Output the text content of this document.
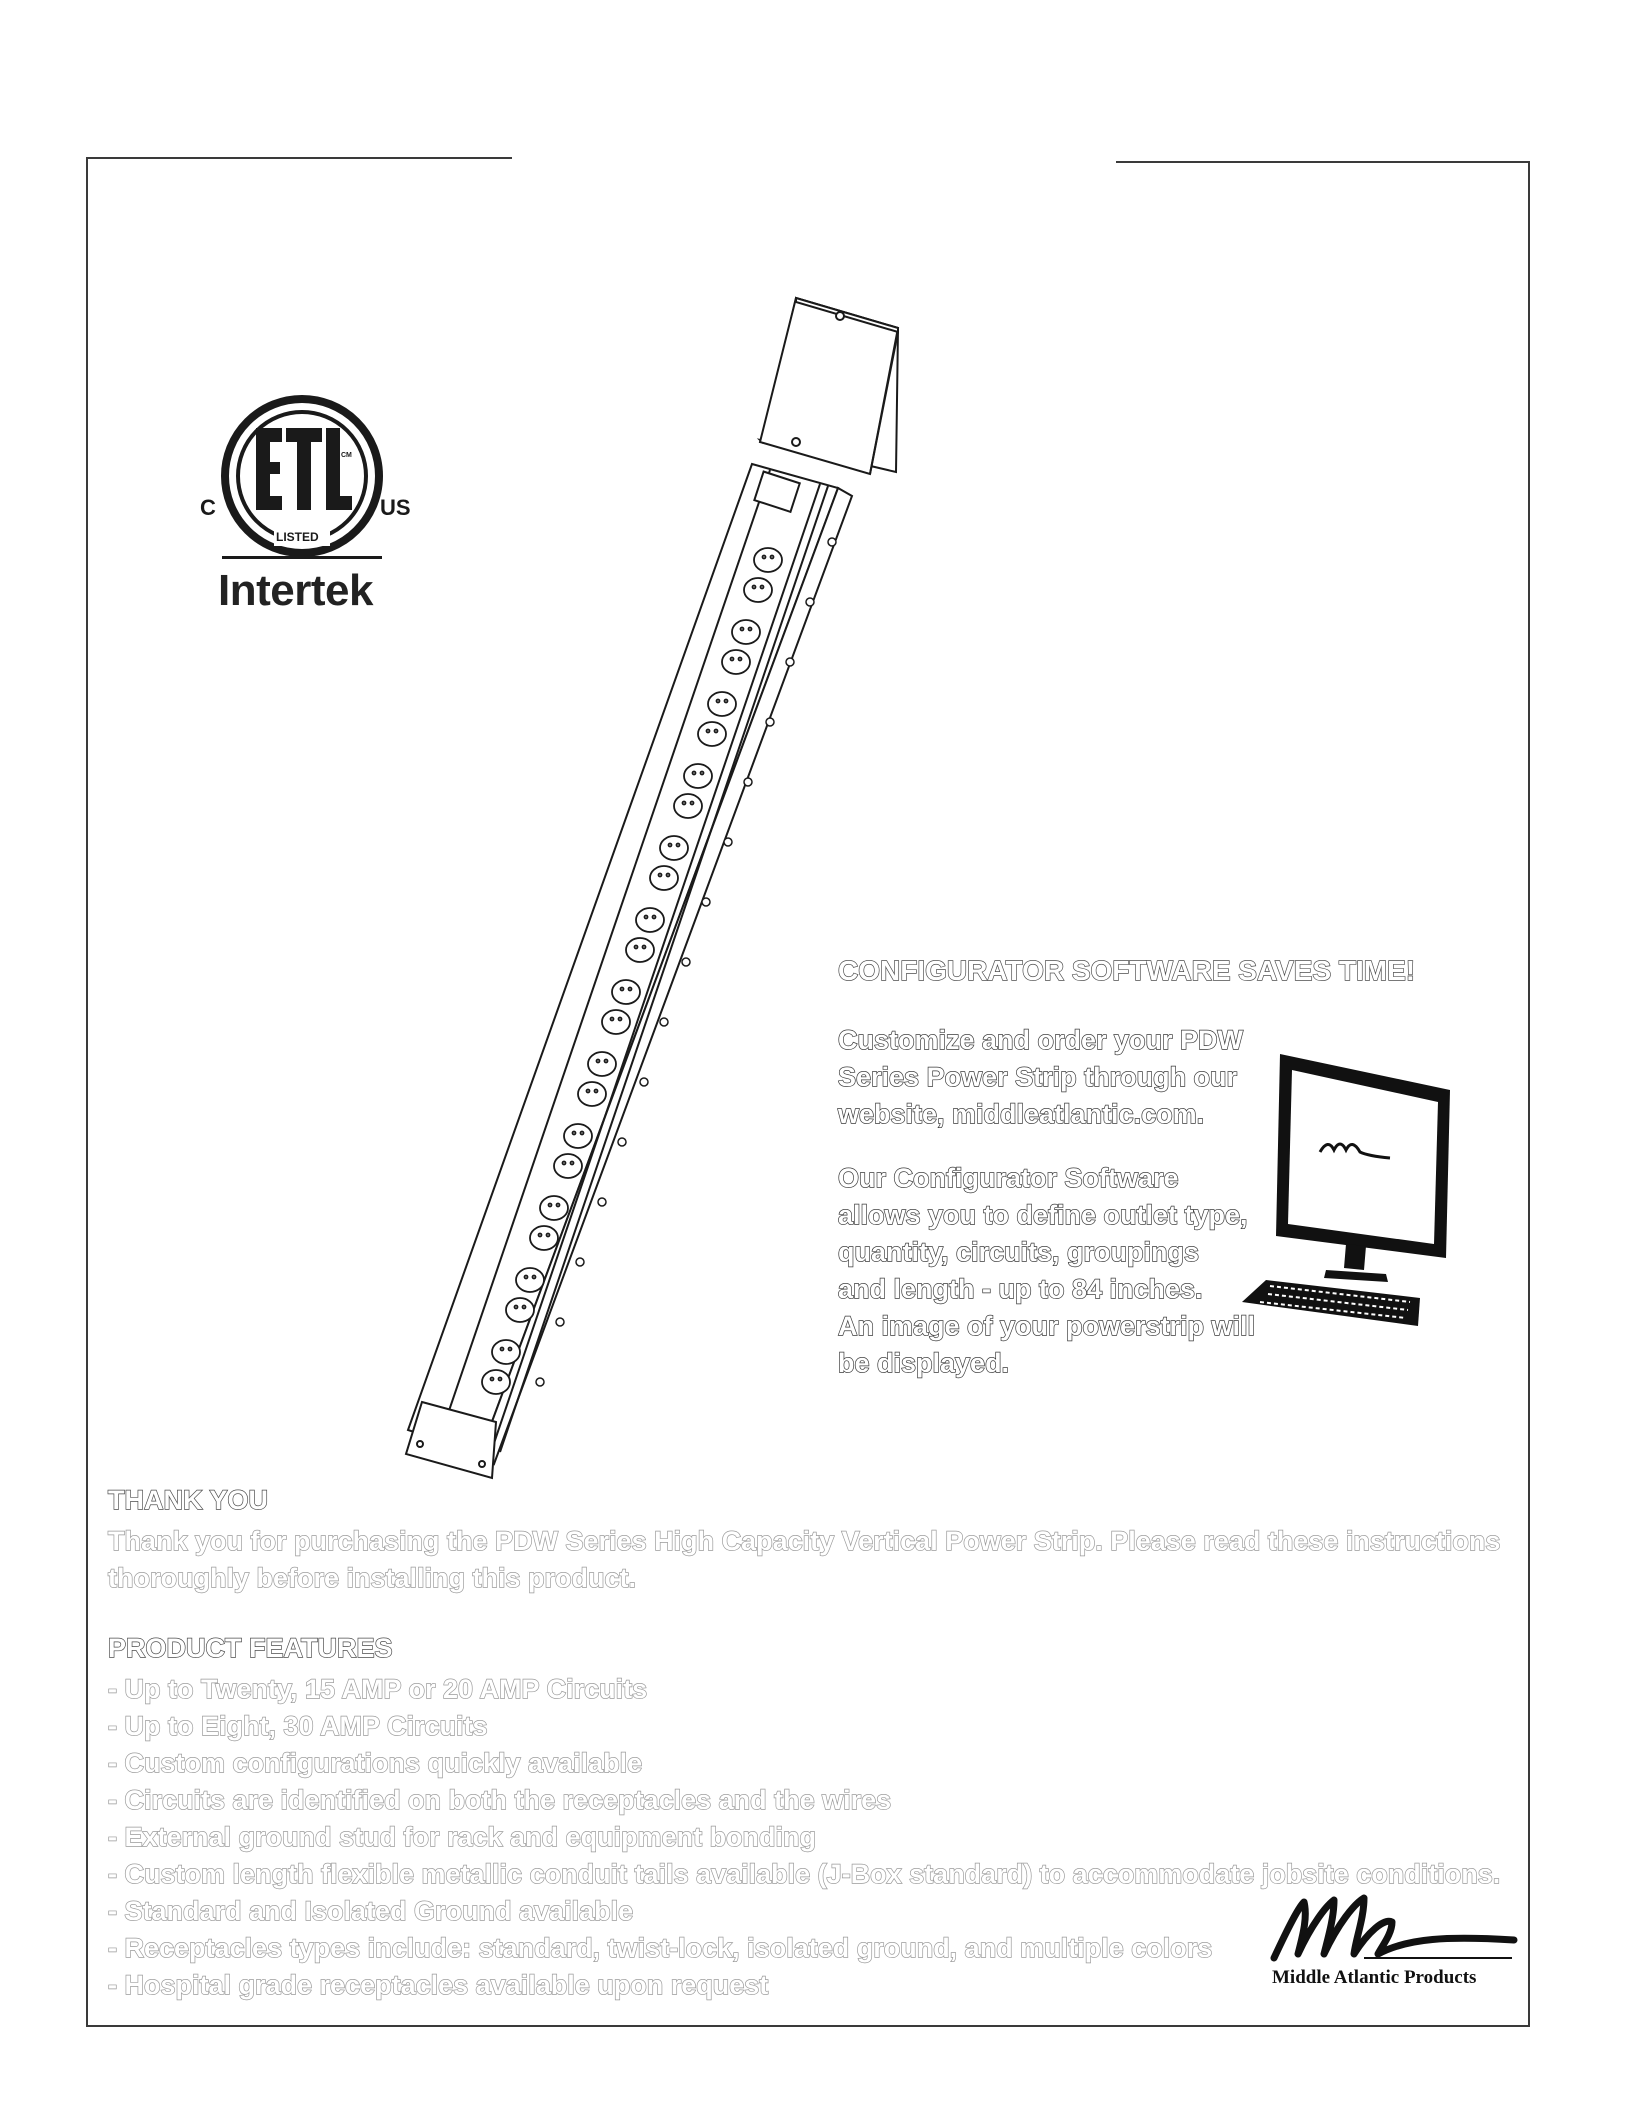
C	US
LISTED
CM
Intertek
CONFIGURATOR SOFTWARE SAVES TIME!
Customize and order your PDW
Series Power Strip through our
website, middleatlantic.com.
Our Configurator Software
allows you to define outlet type,
quantity, circuits, groupings
and length - up to 84 inches.
An image of your powerstrip will
be displayed.
THANK YOU
Thank you for purchasing the PDW Series High Capacity Vertical Power Strip. Please read these instructions thoroughly before installing this product.
PRODUCT FEATURES
- Up to Twenty, 15 AMP or 20 AMP Circuits
- Up to Eight, 30 AMP Circuits
- Custom configurations quickly available
- Circuits are identified on both the receptacles and the wires
- External ground stud for rack and equipment bonding
- Custom length flexible metallic conduit tails available (J-Box standard) to accommodate jobsite conditions.
- Standard and Isolated Ground available
- Receptacles types include: standard, twist-lock, isolated ground, and multiple colors
- Hospital grade receptacles available upon request	Middle Atlantic Products
